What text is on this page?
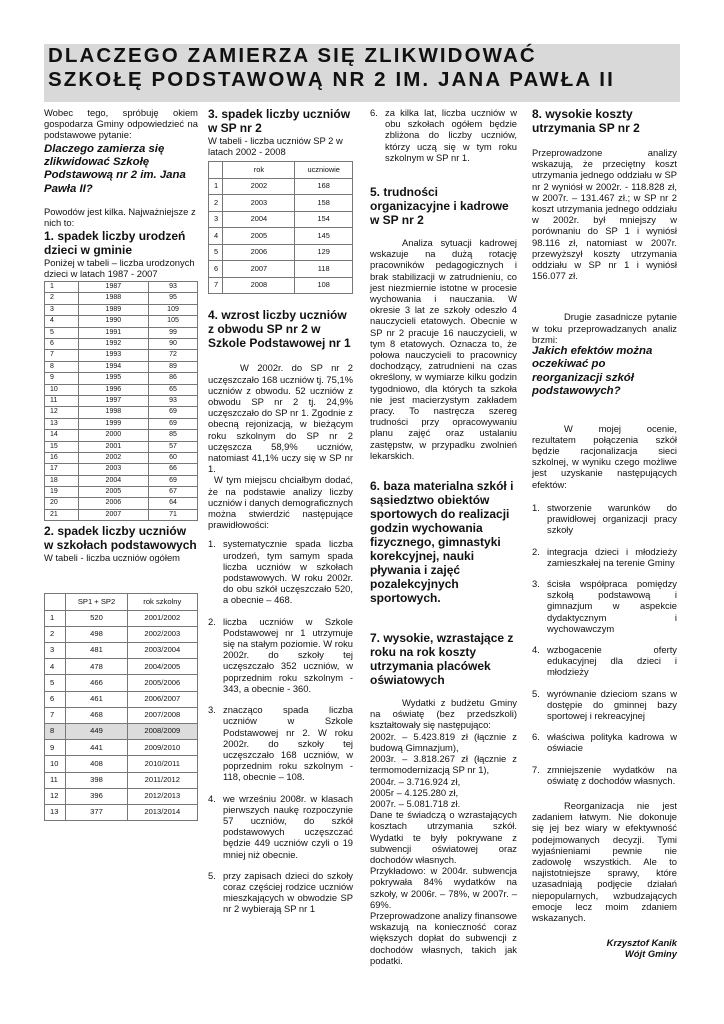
DLACZEGO ZAMIERZA SIĘ ZLIKWIDOWAĆ
SZKOŁĘ PODSTAWOWĄ NR 2 IM. JANA PAWŁA II

Wobec tego, spróbuję okiem gospodarza Gminy odpowiedzieć na podstawowe pytanie:

Dlaczego zamierza się zlikwidować Szkołę Podstawową nr 2 im. Jana Pawła II?

Powodów jest kilka. Najważniejsze z nich to:

1. spadek liczby urodzeń dzieci w gminie

Poniżej w tabeli – liczba urodzonych dzieci w latach 1987 - 2007

1	1987	93
2	1988	95
3	1989	109
4	1990	105
5	1991	99
6	1992	90
7	1993	72
8	1994	89
9	1995	86
10	1996	65
11	1997	93
12	1998	69
13	1999	69
14	2000	85
15	2001	57
16	2002	60
17	2003	66
18	2004	69
19	2005	67
20	2006	64
21	2007	71

2. spadek liczby uczniów w szkołach podstawowych

W tabeli - liczba uczniów ogółem

	SP1 + SP2	rok szkolny
1	520	2001/2002
2	498	2002/2003
3	481	2003/2004
4	478	2004/2005
5	466	2005/2006
6	461	2006/2007
7	468	2007/2008
8	449	2008/2009
9	441	2009/2010
10	408	2010/2011
11	398	2011/2012
12	396	2012/2013
13	377	2013/2014

3. spadek liczby uczniów w SP nr 2

W tabeli - liczba uczniów SP 2 w latach 2002 - 2008

	rok	uczniowie
1	2002	168
2	2003	158
3	2004	154
4	2005	145
5	2006	129
6	2007	118
7	2008	108

4. wzrost liczby uczniów z obwodu SP nr 2 w Szkole Podstawowej nr 1

W 2002r. do SP nr 2 uczęszczało 168 uczniów tj. 75,1% uczniów z obwodu. 52 uczniów z obwodu SP nr 2 tj. 24,9% uczęszczało do SP nr 1. Zgodnie z obecną rejonizacją, w bieżącym roku szkolnym do SP nr 2 uczęszcza 58,9% uczniów, natomiast 41,1% uczy się w SP nr 1.

W tym miejscu chciałbym dodać, że na podstawie analizy liczby uczniów i danych demograficznych można stwierdzić następujące prawidłowości:

1. systematycznie spada liczba urodzeń, tym samym spada liczba uczniów w szkołach podstawowych. W roku 2002r. do obu szkół uczęszczało 520, a obecnie – 468.
2. liczba uczniów w Szkole Podstawowej nr 1 utrzymuje się na stałym poziomie. W roku 2002r. do szkoły tej uczęszczało 352 uczniów, w poprzednim roku szkolnym - 343, a obecnie - 360.
3. znacząco spada liczba uczniów w Szkole Podstawowej nr 2. W roku 2002r. do szkoły tej uczęszczało 168 uczniów, w poprzednim roku szkolnym - 118, obecnie – 108.
4. we wrześniu 2008r. w klasach pierwszych naukę rozpoczynie 57 uczniów, do szkół podstawowych uczęszczać będzie 449 uczniów czyli o 19 mniej niż obecnie.
5. przy zapisach dzieci do szkoły coraz częściej rodzice uczniów mieszkających w obwodzie SP nr 2 wybierają SP nr 1
6. za kilka lat, liczba uczniów w obu szkołach ogółem będzie zbliżona do liczby uczniów, którzy uczą się w tym roku szkolnym w SP nr 1.

5. trudności organizacyjne i kadrowe w SP nr 2

Analiza sytuacji kadrowej wskazuje na dużą rotację pracowników pedagogicznych i brak stabilizacji w zatrudnieniu, co jest niezmiernie istotne w procesie wychowania i nauczania. W okresie 3 lat ze szkoły odeszło 4 nauczycieli etatowych. Obecnie w SP nr 2 pracuje 16 nauczycieli, w tym 8 etatowych. Oznacza to, że połowa nauczycieli to pracownicy dochodzący, zatrudnieni na czas określony, w wymiarze kilku godzin tygodniowo, dla których ta szkoła nie jest macierzystym zakładem pracy. To nastręcza szereg trudności przy opracowywaniu planu zajęć oraz ustalaniu zastępstw, w przypadku zwolnień lekarskich.

6. baza materialna szkół i sąsiedztwo obiektów sportowych do realizacji godzin wychowania fizycznego, gimnastyki korekcyjnej, nauki pływania i zajęć pozalekcyjnych sportowych.

7. wysokie, wzrastające z roku na rok koszty utrzymania placówek oświatowych

Wydatki z budżetu Gminy na oświatę (bez przedszkoli) kształtowały się następująco:

2002r. – 5.423.819 zł (łącznie z budową Gimnazjum),

2003r. – 3.818.267 zł (łącznie z termomodernizacją SP nr 1),

2004r. – 3.716.924 zł,

2005r – 4.125.280 zł,

2007r. – 5.081.718 zł.

Dane te świadczą o wzrastających kosztach utrzymania szkół. Wydatki te były pokrywane z subwencji oświatowej oraz dochodów własnych.

Przykładowo: w 2004r. subwencja pokrywała 84% wydatków na szkoły, w 2006r. – 78%, w 2007r. – 69%.

Przeprowadzone analizy finansowe wskazują na konieczność coraz większych dopłat do subwencji z dochodów własnych, takich jak podatki.

8. wysokie koszty utrzymania SP nr 2

Przeprowadzone analizy wskazują, że przeciętny koszt utrzymania jednego oddziału w SP nr 2 wyniósł w 2002r. - 118.828 zł, w 2007r. – 131.467 zł.; w SP nr 2 koszt utrzymania jednego oddziału w 2002r. był mniejszy w porównaniu do SP 1 i wyniósł 98.116 zł, natomiast w 2007r. przewyższył koszty utrzymania oddziału w SP nr 1 i wyniósł 156.077 zł.

Drugie zasadnicze pytanie w toku przeprowadzanych analiz brzmi:

Jakich efektów można oczekiwać po reorganizacji szkół podstawowych?

W mojej ocenie, rezultatem połączenia szkół będzie racjonalizacja sieci szkolnej, w wyniku czego możliwe jest uzyskanie następujących efektów:

1. stworzenie warunków do prawidłowej organizacji pracy szkoły
2. integracja dzieci i młodzieży zamieszkałej na terenie Gminy
3. ścisła współpraca pomiędzy szkołą podstawową i gimnazjum w aspekcie dydaktycznym i wychowawczym
4. wzbogacenie oferty edukacyjnej dla dzieci i młodzieży
5. wyrównanie dzieciom szans w dostępie do gminnej bazy sportowej i rekreacyjnej
6. właściwa polityka kadrowa w oświacie
7. zmniejszenie wydatków na oświatę z dochodów własnych.

Reorganizacja nie jest zadaniem łatwym. Nie dokonuje się jej bez wiary w efektywność podejmowanych decyzji. Tymi wyjaśnieniami pewnie nie zadowolę wszystkich. Ale to najistotniejsze sprawy, które uzasadniają podjęcie działań niepopularnych, wzbudzających emocje lecz moim zdaniem wskazanych.

Krzysztof Kanik

Wójt Gminy
